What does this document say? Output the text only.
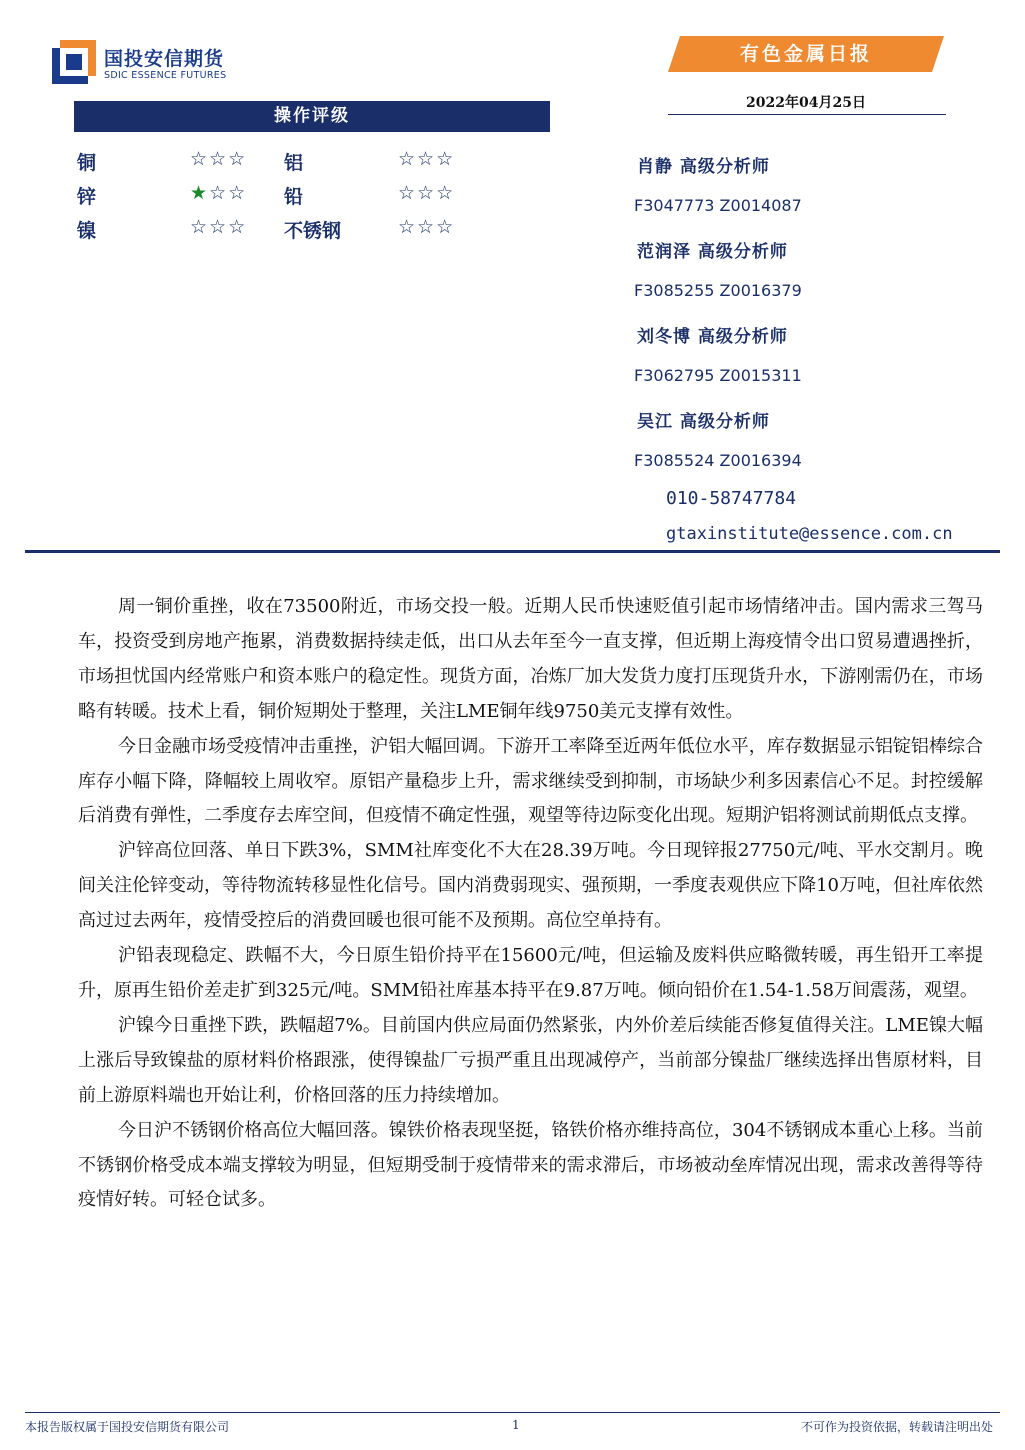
国投安信期货
SDIC ESSENCE FUTURES
有色金属日报
2022年04月25日
操作评级
铜	☆☆☆ 铝	☆☆☆
锌	★☆☆ 铅	☆☆☆
镍	☆☆☆ 不锈钢	☆☆☆
肖静 高级分析师
F3047773 Z0014087
范润泽 高级分析师
F3085255 Z0016379
刘冬博 高级分析师
F3062795 Z0015311
吴江 高级分析师
F3085524 Z0016394
010-58747784
gtaxinstitute@essence.com.cn

周一铜价重挫，收在73500附近，市场交投一般。近期人民币快速贬值引起市场情绪冲击。国内需求三驾马车，投资受到房地产拖累，消费数据持续走低，出口从去年至今一直支撑，但近期上海疫情令出口贸易遭遇挫折，市场担忧国内经常账户和资本账户的稳定性。现货方面，冶炼厂加大发货力度打压现货升水，下游刚需仍在，市场略有转暖。技术上看，铜价短期处于整理，关注LME铜年线9750美元支撑有效性。

今日金融市场受疫情冲击重挫，沪铝大幅回调。下游开工率降至近两年低位水平，库存数据显示铝锭铝棒综合库存小幅下降，降幅较上周收窄。原铝产量稳步上升，需求继续受到抑制，市场缺少利多因素信心不足。封控缓解后消费有弹性，二季度存去库空间，但疫情不确定性强，观望等待边际变化出现。短期沪铝将测试前期低点支撑。

沪锌高位回落、单日下跌3%，SMM社库变化不大在28.39万吨。今日现锌报27750元/吨、平水交割月。晚间关注伦锌变动，等待物流转移显性化信号。国内消费弱现实、强预期，一季度表观供应下降10万吨，但社库依然高过过去两年，疫情受控后的消费回暖也很可能不及预期。高位空单持有。

沪铅表现稳定、跌幅不大，今日原生铅价持平在15600元/吨，但运输及废料供应略微转暖，再生铅开工率提升，原再生铅价差走扩到325元/吨。SMM铅社库基本持平在9.87万吨。倾向铅价在1.54-1.58万间震荡，观望。

沪镍今日重挫下跌，跌幅超7%。目前国内供应局面仍然紧张，内外价差后续能否修复值得关注。LME镍大幅上涨后导致镍盐的原材料价格跟涨，使得镍盐厂亏损严重且出现减停产，当前部分镍盐厂继续选择出售原材料，目前上游原料端也开始让利，价格回落的压力持续增加。

今日沪不锈钢价格高位大幅回落。镍铁价格表现坚挺，铬铁价格亦维持高位，304不锈钢成本重心上移。当前不锈钢价格受成本端支撑较为明显，但短期受制于疫情带来的需求滞后，市场被动垒库情况出现，需求改善得等待疫情好转。可轻仓试多。

本报告版权属于国投安信期货有限公司	1	不可作为投资依据，转载请注明出处
